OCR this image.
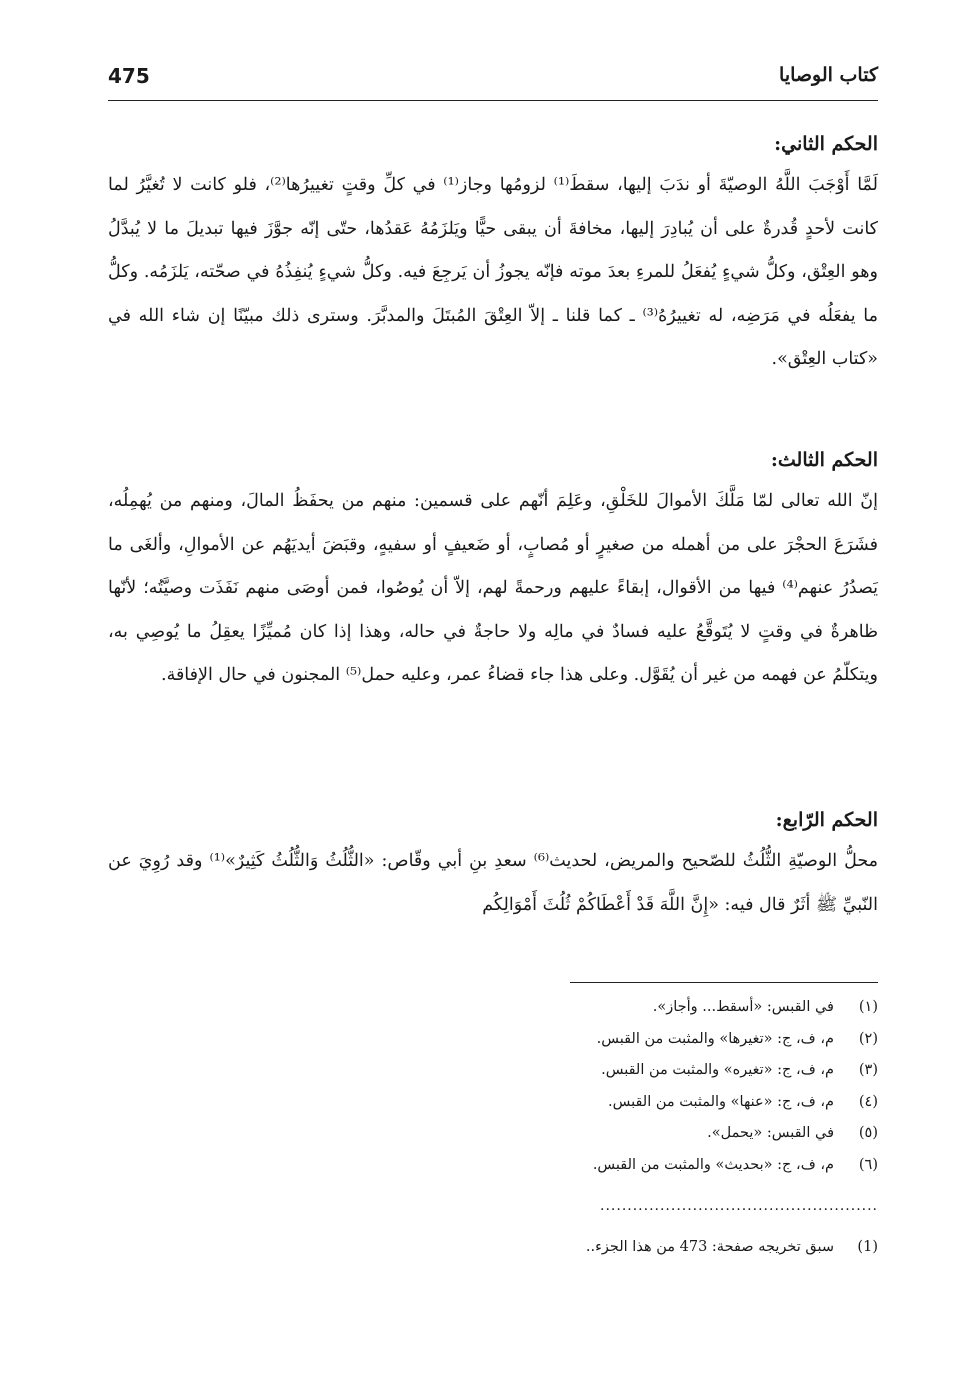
475	كتاب الوصايا

الحكم الثاني:

لَمَّا أَوْجَبَ اللَّهُ الوصيّةَ أو ندَبَ إليها، سقطَ⁽¹⁾ لزومُها وجاز⁽¹⁾ في كلِّ وقتٍ تغييرُها⁽²⁾، فلو كانت لا تُغيَّرُ لما كانت لأحدٍ قُدرةٌ على أن يُبادِرَ إليها، مخافةَ أن يبقى حيًّا ويَلزَمُهُ عَقدُها، حتّى إنّه جوَّزَ فيها تبديلَ ما لا يُبدَّلُ وهو العِتْق، وكلُّ شيءٍ يُفعَلُ للمرءِ بعدَ موته فإنّه يجوزُ أن يَرجِعَ فيه. وكلُّ شيءٍ يُنفِذُهُ في صحّته، يَلزَمُه. وكلُّ ما يفعَلُه في مَرَضِه، له تغييرُهُ⁽³⁾ ـ كما قلنا ـ إلاّ العِتْقَ المُبتَلَ والمدبَّرَ. وسترى ذلك مبيّنًا إن شاء الله في «كتاب العِتْق».

الحكم الثالث:

إنّ الله تعالى لمّا مَلَّكَ الأموالَ للخَلْقِ، وعَلِمَ أنّهم على قسمين: منهم من يحفَظُ المالَ، ومنهم من يُهمِلُه، فشَرَعَ الحجْرَ على من أهمله من صغيرٍ أو مُصابٍ، أو ضَعيفٍ أو سفيهٍ، وقبَضَ أيديَهُم عن الأموالِ، وألغَى ما يَصدُرُ عنهم⁽⁴⁾ فيها من الأقوال، إبقاءً عليهم ورحمةً لهم، إلاّ أن يُوصُوا، فمن أوصَى منهم نَفَذَت وصيَّتُه؛ لأنّها ظاهرةٌ في وقتٍ لا يُتَوقَّعُ عليه فسادٌ في مالِه ولا حاجةٌ في حاله، وهذا إذا كان مُميِّزًا يعقِلُ ما يُوصِي به، ويتكلّمُ عن فهمه من غير أن يُقَوَّل. وعلى هذا جاء قضاءُ عمر، وعليه حمل⁽⁵⁾ المجنون في حال الإفاقة.

الحكم الرّابع:

محلُّ الوصيّةِ الثُّلُثُ للصّحيح والمريض، لحديث⁽⁶⁾ سعدِ بنِ أبي وقّاص: «الثُّلُثُ وَالثُّلُثُ كَثِيرٌ»⁽¹⁾ وقد رُوِيَ عن النّبيِّ ﷺ أثَرٌ قال فيه: «إِنَّ اللَّهَ قَدْ أَعْطَاكُمْ ثُلُثَ أَمْوَالِكُم

(١)
في القبس: «أسقط... وأجاز».
(٢)
م، ف، ج: «تغيرها» والمثبت من القبس.
(٣)
م، ف، ج: «تغيره» والمثبت من القبس.
(٤)
م، ف، ج: «عنها» والمثبت من القبس.
(٥)
في القبس: «يحمل».
(٦)
م، ف، ج: «بحديث» والمثبت من القبس.
...................................................
(1)
سبق تخريجه صفحة: 473 من هذا الجزء..
